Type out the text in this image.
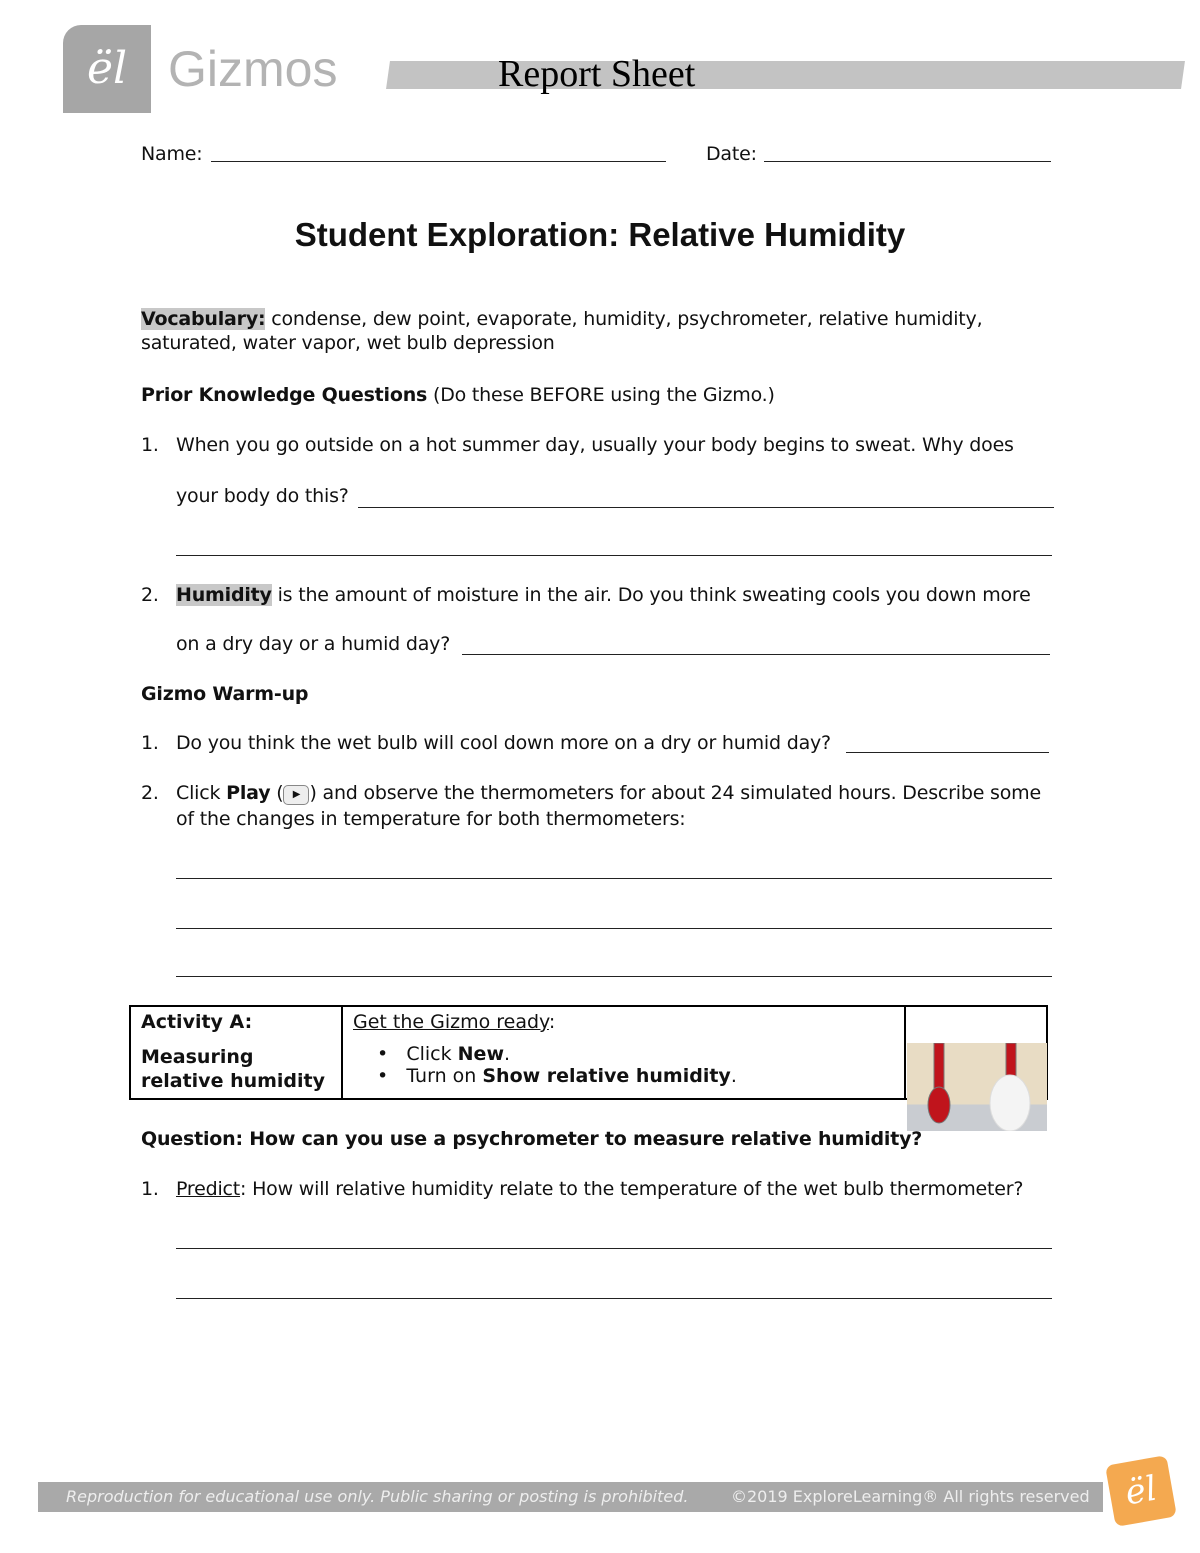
ël Gizmos	Report Sheet
Name:	Date:
Student Exploration: Relative Humidity
Vocabulary: condense, dew point, evaporate, humidity, psychrometer, relative humidity,
saturated, water vapor, wet bulb depression
Prior Knowledge Questions (Do these BEFORE using the Gizmo.)
1. When you go outside on a hot summer day, usually your body begins to sweat. Why does
your body do this?
2. Humidity is the amount of moisture in the air. Do you think sweating cools you down more
on a dry day or a humid day?
Gizmo Warm-up
1. Do you think the wet bulb will cool down more on a dry or humid day?
2. Click Play ( ▶ ) and observe the thermometers for about 24 simulated hours. Describe some
of the changes in temperature for both thermometers:
Activity A:
Measuring relative humidity

Get the Gizmo ready:
•   Click New.
•   Turn on Show relative humidity.

Question: How can you use a psychrometer to measure relative humidity?
1. Predict: How will relative humidity relate to the temperature of the wet bulb thermometer?
Reproduction for educational use only. Public sharing or posting is prohibited.	©2019 ExploreLearning® All rights reserved ël
